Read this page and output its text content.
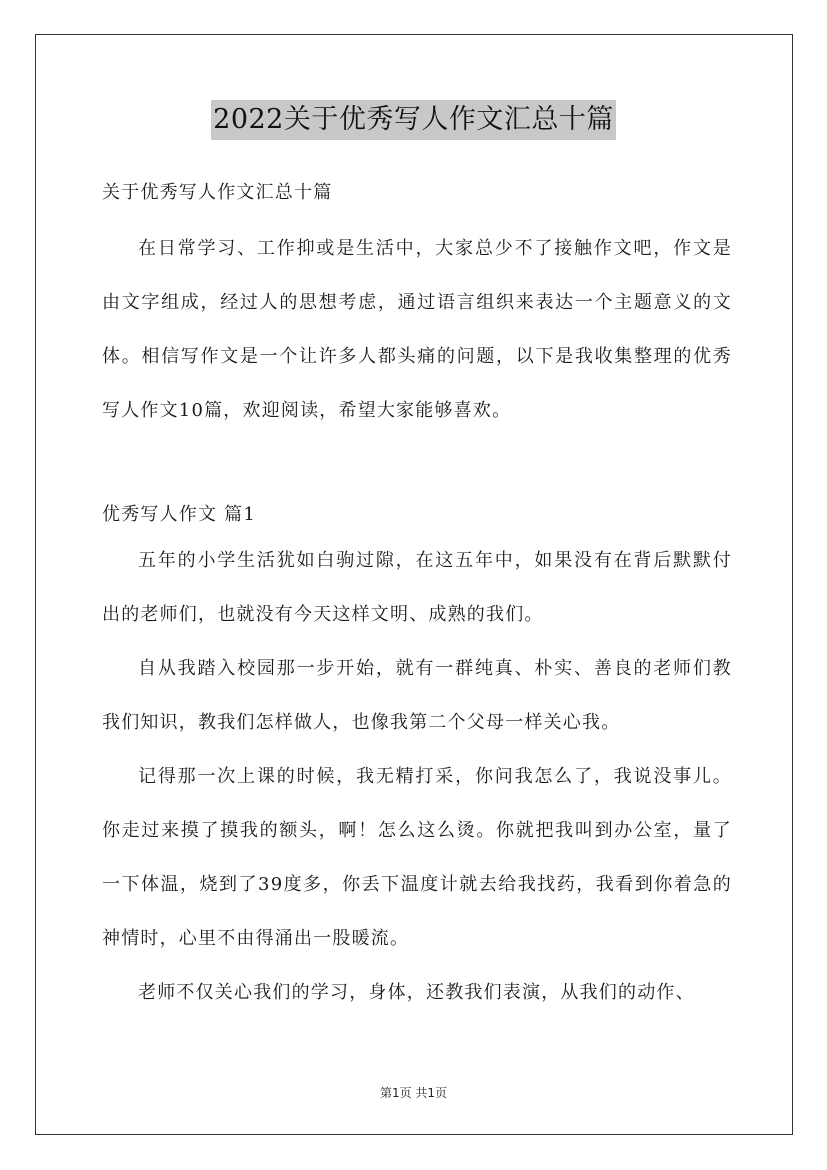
2022关于优秀写人作文汇总十篇

关于优秀写人作文汇总十篇

在日常学习、工作抑或是生活中，大家总少不了接触作文吧，作文是由文字组成，经过人的思想考虑，通过语言组织来表达一个主题意义的文体。相信写作文是一个让许多人都头痛的问题，以下是我收集整理的优秀写人作文10篇，欢迎阅读，希望大家能够喜欢。

优秀写人作文 篇1

五年的小学生活犹如白驹过隙，在这五年中，如果没有在背后默默付出的老师们，也就没有今天这样文明、成熟的我们。

自从我踏入校园那一步开始，就有一群纯真、朴实、善良的老师们教我们知识，教我们怎样做人，也像我第二个父母一样关心我。

记得那一次上课的时候，我无精打采，你问我怎么了，我说没事儿。你走过来摸了摸我的额头，啊！怎么这么烫。你就把我叫到办公室，量了一下体温，烧到了39度多，你丢下温度计就去给我找药，我看到你着急的神情时，心里不由得涌出一股暖流。

老师不仅关心我们的学习，身体，还教我们表演，从我们的动作、

第1页 共1页
